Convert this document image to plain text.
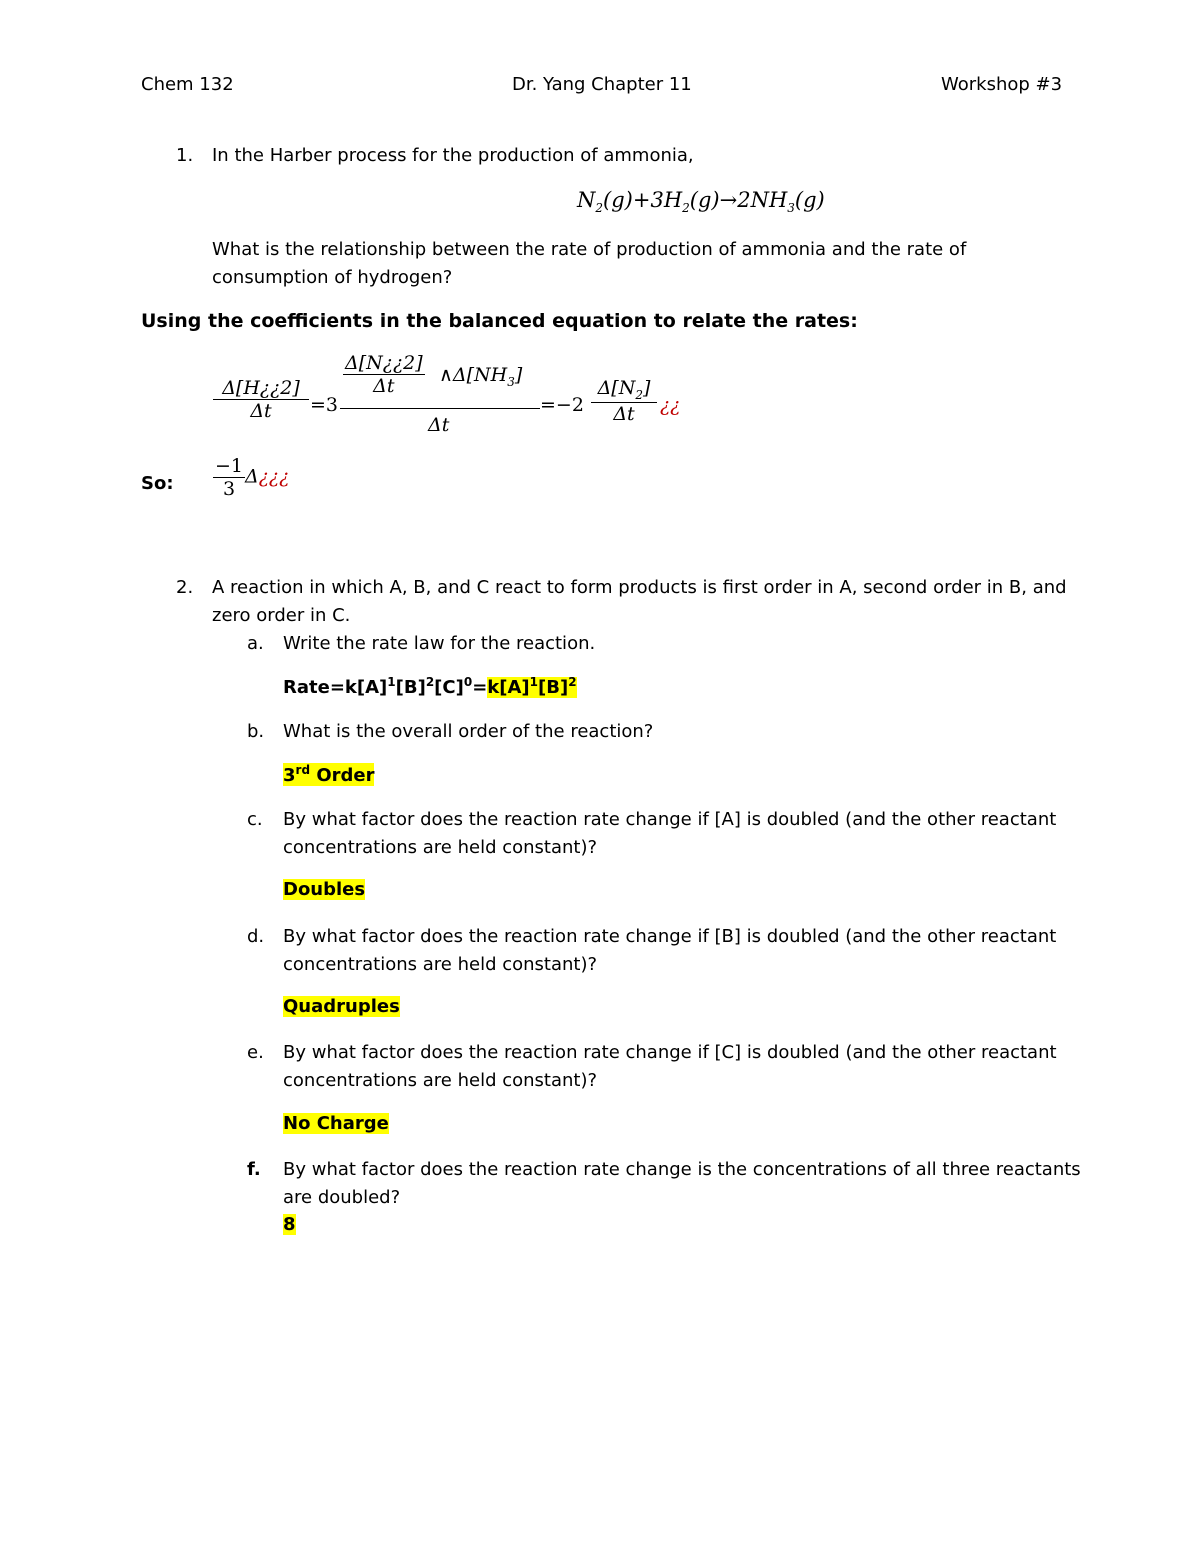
Chem 132	Dr. Yang Chapter 11	Workshop #3
1. In the Harber process for the production of ammonia,
$N_2(g)+3H_2(g)\to 2NH_3(g)$
What is the relationship between the rate of production of ammonia and the rate of
consumption of hydrogen?
Using the coefficients in the balanced equation to relate the rates:
$\frac{\Delta[H¿¿2]}{\Delta t} =3$
$\frac{\Delta[N¿¿2]}{\Delta t}$ $\wedge\Delta[NH_3]$
Δt
$=-2 \frac{\Delta[N_2]}{\Delta t}$ ¿¿
So: $\frac{-1}{3}$ Δ¿¿¿
2. A reaction in which A, B, and C react to form products is first order in A, second order in B, and
zero order in C.
a. Write the rate law for the reaction.
$Rate=k[A]^1[B]^2[C]^0=k[A]^1[B]^2$
b. What is the overall order of the reaction?
3rd Order
c. By what factor does the reaction rate change if [A] is doubled (and the other reactant
concentrations are held constant)?
Doubles
d. By what factor does the reaction rate change if [B] is doubled (and the other reactant
concentrations are held constant)?
Quadruples
e. By what factor does the reaction rate change if [C] is doubled (and the other reactant
concentrations are held constant)?
No Charge
f. By what factor does the reaction rate change is the concentrations of all three reactants
are doubled?
8
